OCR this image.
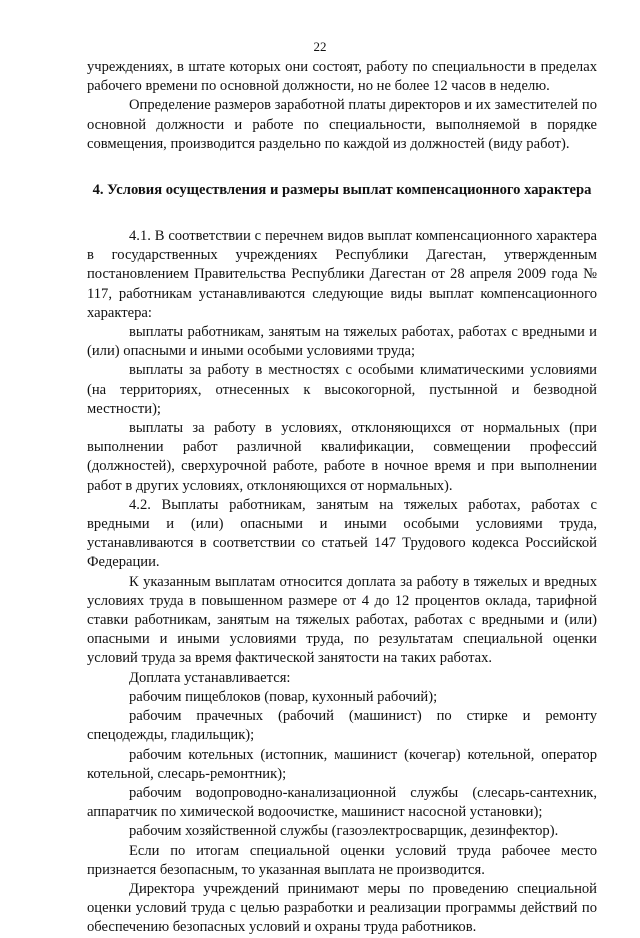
22

учреждениях, в штате которых они состоят, работу по специальности в пределах рабочего времени по основной должности, но не более 12 часов в неделю.

Определение размеров заработной платы директоров и их заместителей по основной должности и работе по специальности, выполняемой в порядке совмещения, производится раздельно по каждой из должностей (виду работ).

4. Условия осуществления и размеры выплат компенсационного характера

4.1. В соответствии с перечнем видов выплат компенсационного характера в государственных учреждениях Республики Дагестан, утвержденным постановлением Правительства Республики Дагестан от 28 апреля 2009 года № 117, работникам устанавливаются следующие виды выплат компенсационного характера:

выплаты работникам, занятым на тяжелых работах, работах с вредными и (или) опасными и иными особыми условиями труда;

выплаты за работу в местностях с особыми климатическими условиями (на территориях, отнесенных к высокогорной, пустынной и безводной местности);

выплаты за работу в условиях, отклоняющихся от нормальных (при выполнении работ различной квалификации, совмещении профессий (должностей), сверхурочной работе, работе в ночное время и при выполнении работ в других условиях, отклоняющихся от нормальных).

4.2. Выплаты работникам, занятым на тяжелых работах, работах с вредными и (или) опасными и иными особыми условиями труда, устанавливаются в соответствии со статьей 147 Трудового кодекса Российской Федерации.

К указанным выплатам относится доплата за работу в тяжелых и вредных условиях труда в повышенном размере от 4 до 12 процентов оклада, тарифной ставки работникам, занятым на тяжелых работах, работах с вредными и (или) опасными и иными условиями труда, по результатам специальной оценки условий труда за время фактической занятости на таких работах.

Доплата устанавливается:

рабочим пищеблоков (повар, кухонный рабочий);

рабочим прачечных (рабочий (машинист) по стирке и ремонту спецодежды, гладильщик);

рабочим котельных (истопник, машинист (кочегар) котельной, оператор котельной, слесарь-ремонтник);

рабочим водопроводно-канализационной службы (слесарь-сантехник, аппаратчик по химической водоочистке, машинист насосной установки);

рабочим хозяйственной службы (газоэлектросварщик, дезинфектор).

Если по итогам специальной оценки условий труда рабочее место признается безопасным, то указанная выплата не производится.

Директора учреждений принимают меры по проведению специальной оценки условий труда с целью разработки и реализации программы действий по обеспечению безопасных условий и охраны труда работников.
